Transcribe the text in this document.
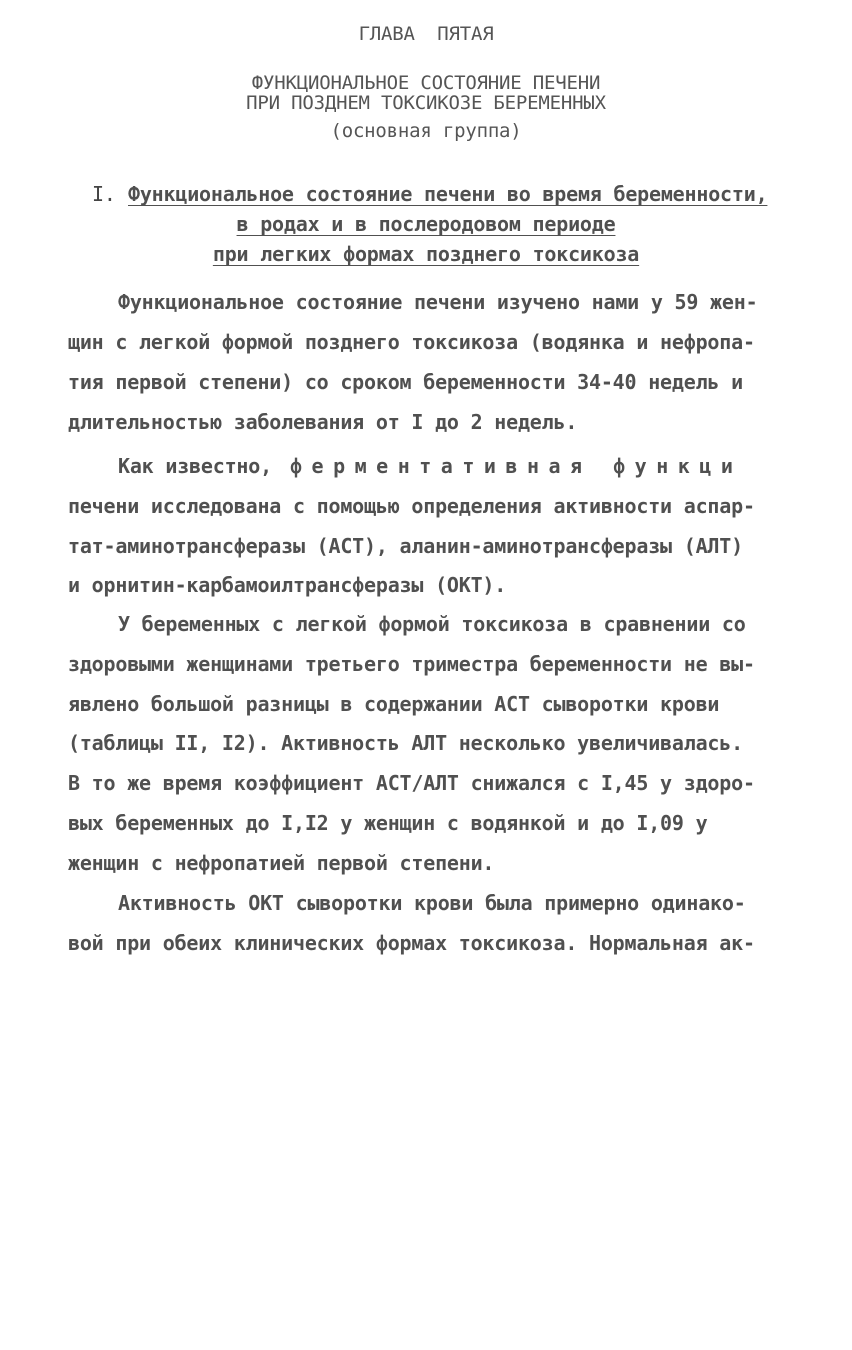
ГЛАВА  ПЯТАЯ
ФУНКЦИОНАЛЬНОЕ СОСТОЯНИЕ ПЕЧЕНИ
ПРИ ПОЗДНЕМ ТОКСИКОЗЕ БЕРЕМЕННЫХ
(основная группа)
I. Функциональное состояние печени во время беременности,
в родах и в послеродовом периоде
при легких формах позднего токсикоза
Функциональное состояние печени изучено нами у 59 жен-
щин с легкой формой позднего токсикоза (водянка и нефропа-
тия первой степени) со сроком беременности 34-40 недель и
длительностью заболевания от I до 2 недель.
Как известно, ферментативная функци
печени исследована с помощью определения активности аспар-
тат-аминотрансферазы (АСТ), аланин-аминотрансферазы (АЛТ)
и орнитин-карбамоилтрансферазы (ОКТ).
У беременных с легкой формой токсикоза в сравнении со
здоровыми женщинами третьего триместра беременности не вы-
явлено большой разницы в содержании АСТ сыворотки крови
(таблицы II, I2). Активность АЛТ несколько увеличивалась.
В то же время коэффициент АСТ/АЛТ снижался с I,45 у здоро-
вых беременных до I,I2 у женщин с водянкой и до I,09 у
женщин с нефропатией первой степени.
Активность ОКТ сыворотки крови была примерно одинако-
вой при обеих клинических формах токсикоза. Нормальная ак-
